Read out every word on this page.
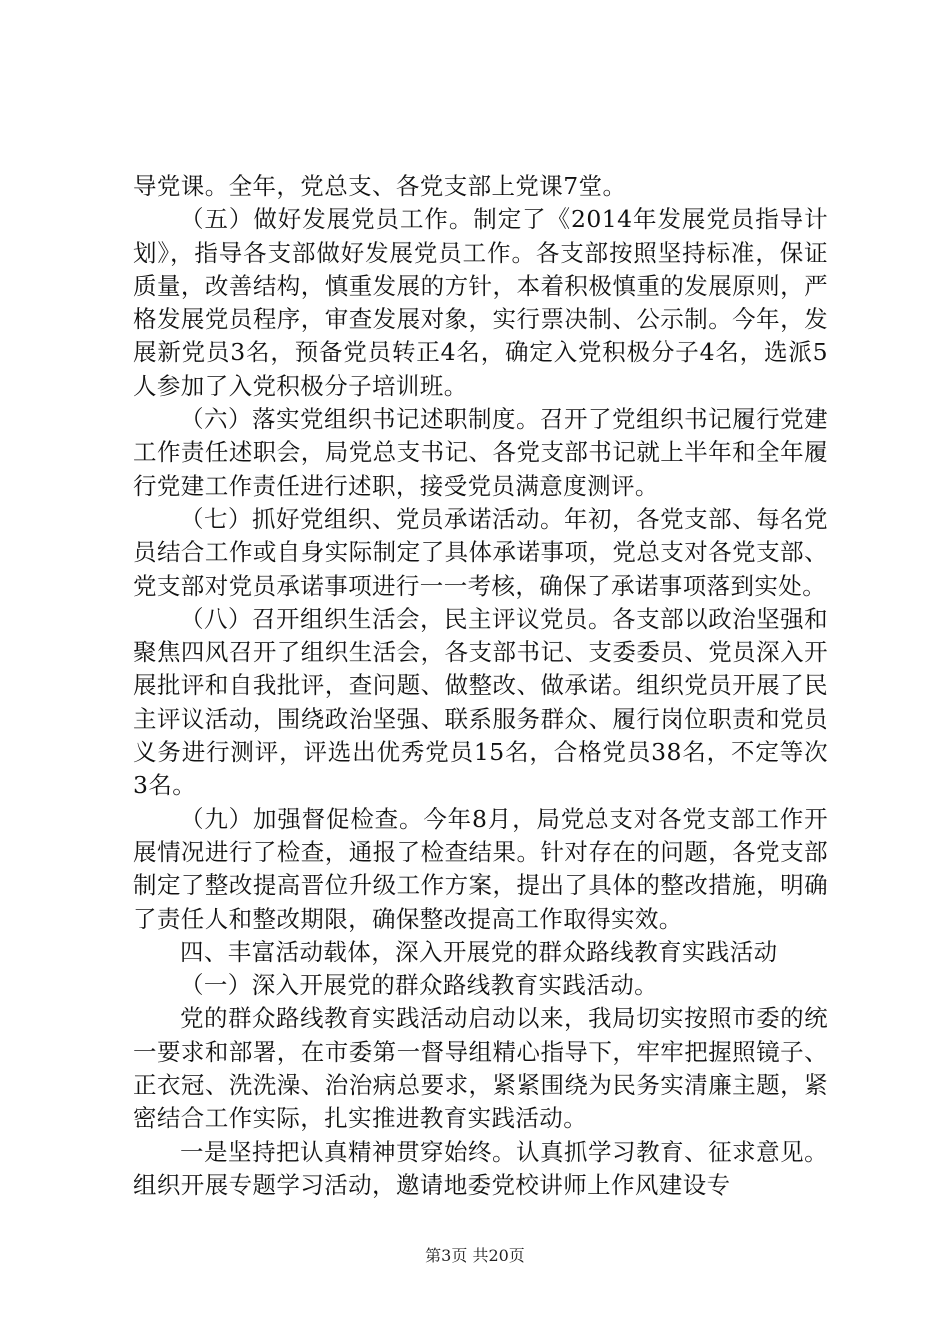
导党课。全年，党总支、各党支部上党课7堂。

（五）做好发展党员工作。制定了《2014年发展党员指导计划》，指导各支部做好发展党员工作。各支部按照坚持标准，保证质量，改善结构，慎重发展的方针，本着积极慎重的发展原则，严格发展党员程序，审查发展对象，实行票决制、公示制。今年，发展新党员3名，预备党员转正4名，确定入党积极分子4名，选派5人参加了入党积极分子培训班。

（六）落实党组织书记述职制度。召开了党组织书记履行党建工作责任述职会，局党总支书记、各党支部书记就上半年和全年履行党建工作责任进行述职，接受党员满意度测评。

（七）抓好党组织、党员承诺活动。年初，各党支部、每名党员结合工作或自身实际制定了具体承诺事项，党总支对各党支部、党支部对党员承诺事项进行一一考核，确保了承诺事项落到实处。

（八）召开组织生活会，民主评议党员。各支部以政治坚强和聚焦四风召开了组织生活会，各支部书记、支委委员、党员深入开展批评和自我批评，查问题、做整改、做承诺。组织党员开展了民主评议活动，围绕政治坚强、联系服务群众、履行岗位职责和党员义务进行测评，评选出优秀党员15名，合格党员38名，不定等次3名。

（九）加强督促检查。今年8月，局党总支对各党支部工作开展情况进行了检查，通报了检查结果。针对存在的问题，各党支部制定了整改提高晋位升级工作方案，提出了具体的整改措施，明确了责任人和整改期限，确保整改提高工作取得实效。

四、丰富活动载体，深入开展党的群众路线教育实践活动

（一）深入开展党的群众路线教育实践活动。

党的群众路线教育实践活动启动以来，我局切实按照市委的统一要求和部署，在市委第一督导组精心指导下，牢牢把握照镜子、正衣冠、洗洗澡、治治病总要求，紧紧围绕为民务实清廉主题，紧密结合工作实际，扎实推进教育实践活动。

一是坚持把认真精神贯穿始终。认真抓学习教育、征求意见。组织开展专题学习活动，邀请地委党校讲师上作风建设专

第3页 共20页
